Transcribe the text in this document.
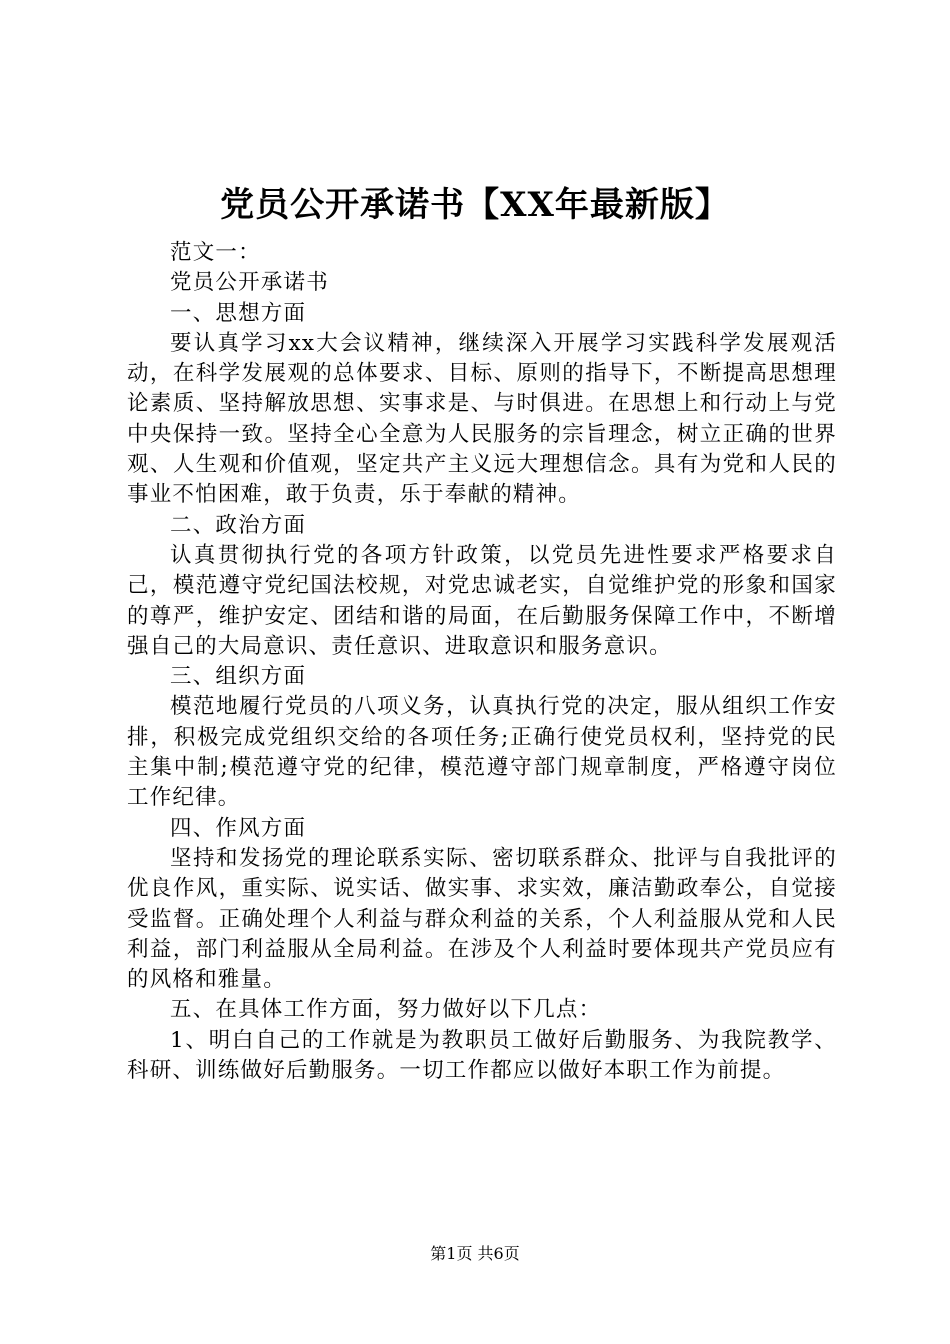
党员公开承诺书【XX年最新版】

范文一：

党员公开承诺书

一、思想方面

要认真学习xx大会议精神，继续深入开展学习实践科学发展观活动，在科学发展观的总体要求、目标、原则的指导下，不断提高思想理论素质、坚持解放思想、实事求是、与时俱进。在思想上和行动上与党中央保持一致。坚持全心全意为人民服务的宗旨理念，树立正确的世界观、人生观和价值观，坚定共产主义远大理想信念。具有为党和人民的事业不怕困难，敢于负责，乐于奉献的精神。

二、政治方面

认真贯彻执行党的各项方针政策，以党员先进性要求严格要求自己，模范遵守党纪国法校规，对党忠诚老实，自觉维护党的形象和国家的尊严，维护安定、团结和谐的局面，在后勤服务保障工作中，不断增强自己的大局意识、责任意识、进取意识和服务意识。

三、组织方面

模范地履行党员的八项义务，认真执行党的决定，服从组织工作安排，积极完成党组织交给的各项任务;正确行使党员权利，坚持党的民主集中制;模范遵守党的纪律，模范遵守部门规章制度，严格遵守岗位工作纪律。

四、作风方面

坚持和发扬党的理论联系实际、密切联系群众、批评与自我批评的优良作风，重实际、说实话、做实事、求实效，廉洁勤政奉公，自觉接受监督。正确处理个人利益与群众利益的关系，个人利益服从党和人民利益，部门利益服从全局利益。在涉及个人利益时要体现共产党员应有的风格和雅量。

五、在具体工作方面，努力做好以下几点：

1、明白自己的工作就是为教职员工做好后勤服务、为我院教学、科研、训练做好后勤服务。一切工作都应以做好本职工作为前提。

第1页 共6页
